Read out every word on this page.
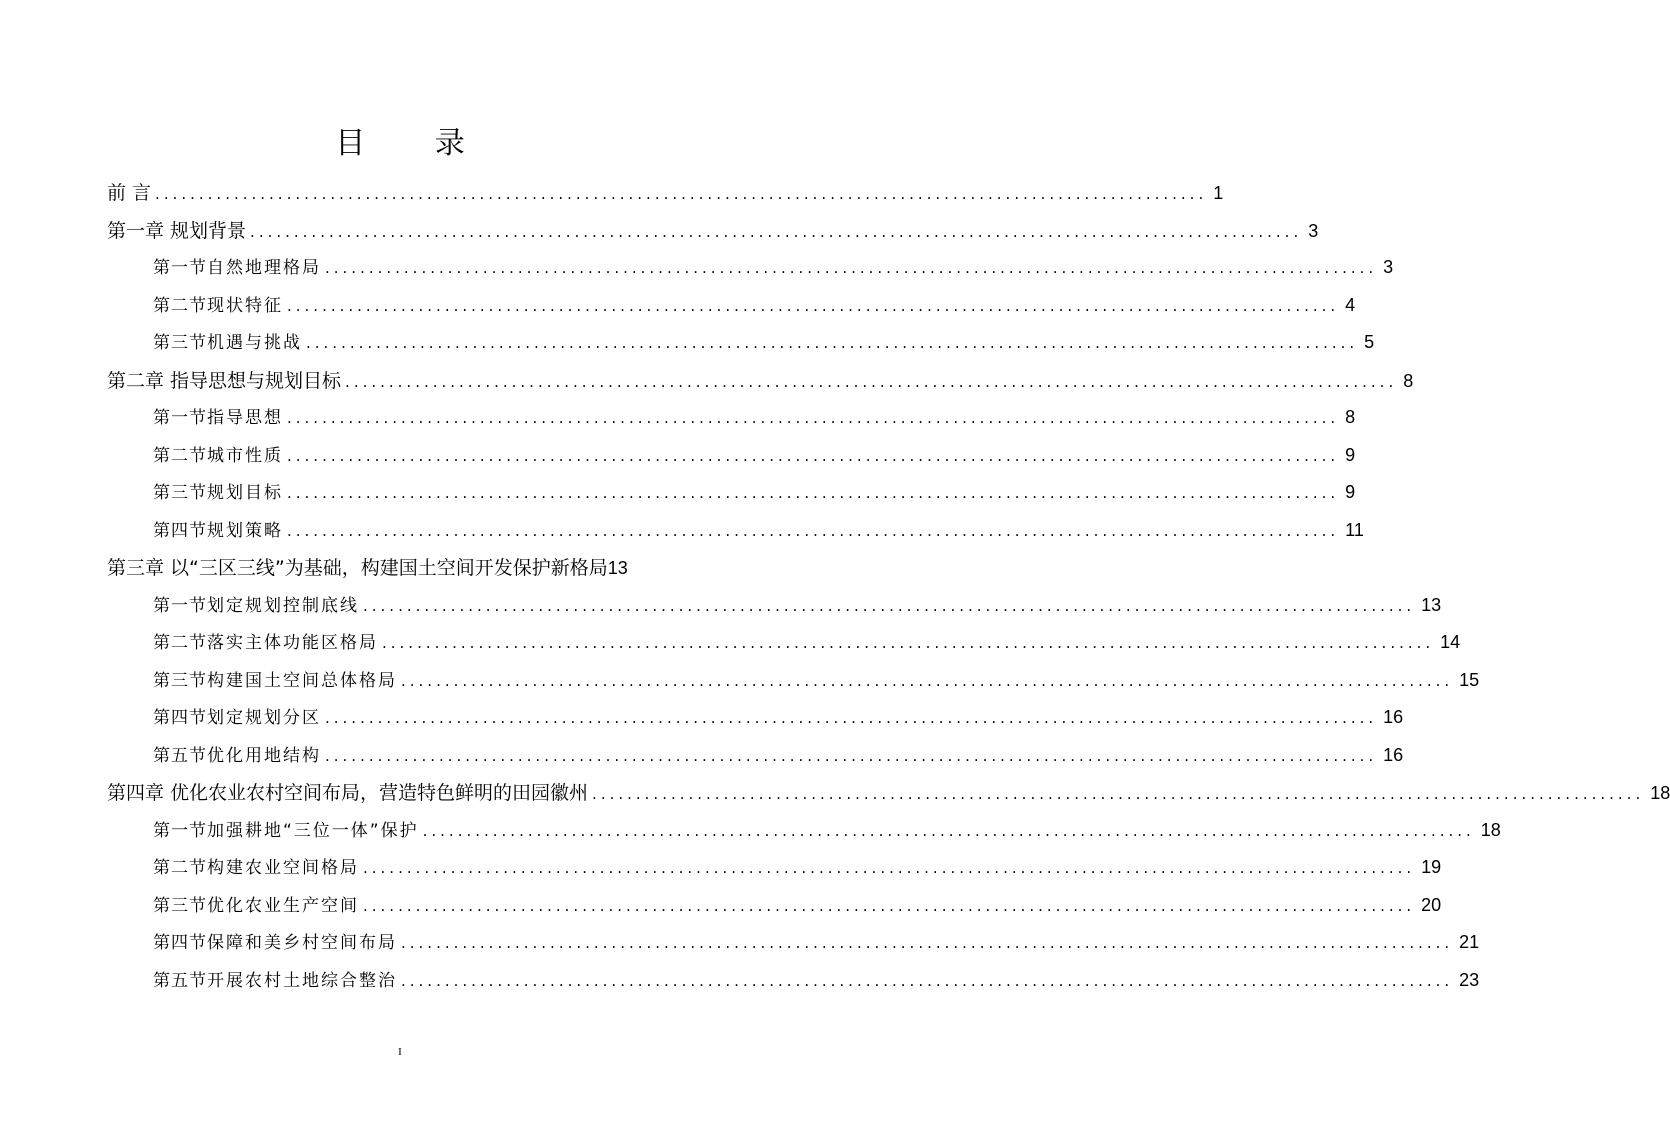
目 录
前 言 ........................................................................................................................ 1
第一章 规划背景 ........................................................................................................................ 3
第一节 自然地理格局 ........................................................................................................................ 3
第二节 现状特征 ........................................................................................................................ 4
第三节 机遇与挑战 ........................................................................................................................ 5
第二章 指导思想与规划目标 ........................................................................................................................ 8
第一节 指导思想 ........................................................................................................................ 8
第二节 城市性质 ........................................................................................................................ 9
第三节 规划目标 ........................................................................................................................ 9
第四节 规划策略 ........................................................................................................................ 11
第三章 以“三区三线”为基础，构建国土空间开发保护新格局 13
第一节 划定规划控制底线 ........................................................................................................................ 13
第二节 落实主体功能区格局 ........................................................................................................................ 14
第三节 构建国土空间总体格局 ........................................................................................................................ 15
第四节 划定规划分区 ........................................................................................................................ 16
第五节 优化用地结构 ........................................................................................................................ 16
第四章 优化农业农村空间布局，营造特色鲜明的田园徽州 ........................................................................................................................ 18
第一节 加强耕地“三位一体”保护 ........................................................................................................................ 18
第二节 构建农业空间格局 ........................................................................................................................ 19
第三节 优化农业生产空间 ........................................................................................................................ 20
第四节 保障和美乡村空间布局 ........................................................................................................................ 21
第五节 开展农村土地综合整治 ........................................................................................................................ 23
I
